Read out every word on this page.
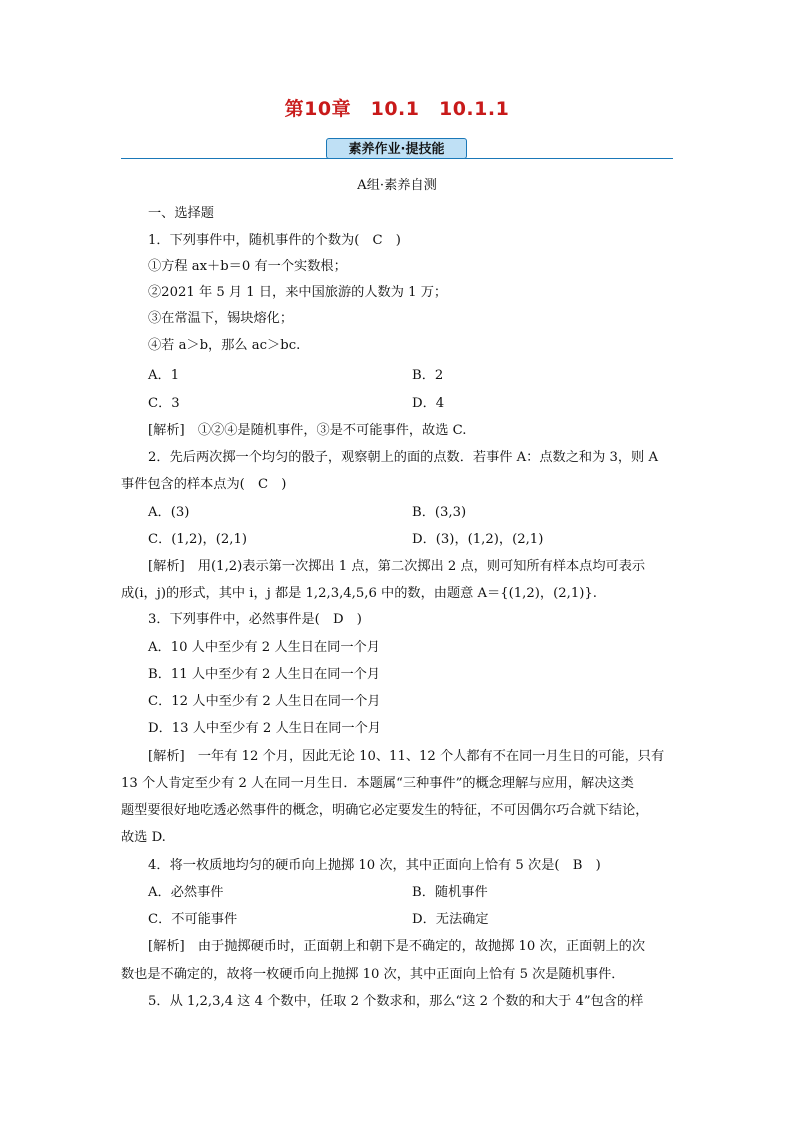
第10章　10.1　10.1.1
素养作业·提技能
A组·素养自测
一、选择题
1．下列事件中，随机事件的个数为(　C　)
①方程 ax＋b＝0 有一个实数根；
②2021 年 5 月 1 日，来中国旅游的人数为 1 万；
③在常温下，锡块熔化；
④若 a＞b，那么 ac＞bc.
A．1	B．2
C．3	D．4
[解析]　①②④是随机事件，③是不可能事件，故选 C.
2．先后两次掷一个均匀的骰子，观察朝上的面的点数．若事件 A：点数之和为 3，则 A
事件包含的样本点为(　C　)
A．(3)	B．(3,3)
C．(1,2)，(2,1)	D．(3)，(1,2)，(2,1)
[解析]　用(1,2)表示第一次掷出 1 点，第二次掷出 2 点，则可知所有样本点均可表示
成(i，j)的形式，其中 i，j 都是 1,2,3,4,5,6 中的数，由题意 A＝{(1,2)，(2,1)}.
3．下列事件中，必然事件是(　D　)
A．10 人中至少有 2 人生日在同一个月
B．11 人中至少有 2 人生日在同一个月
C．12 人中至少有 2 人生日在同一个月
D．13 人中至少有 2 人生日在同一个月
[解析]　一年有 12 个月，因此无论 10、11、12 个人都有不在同一月生日的可能，只有
13 个人肯定至少有 2 人在同一月生日．本题属“三种事件”的概念理解与应用，解决这类
题型要很好地吃透必然事件的概念，明确它必定要发生的特征，不可因偶尔巧合就下结论，
故选 D.
4．将一枚质地均匀的硬币向上抛掷 10 次，其中正面向上恰有 5 次是(　B　)
A．必然事件	B．随机事件
C．不可能事件	D．无法确定
[解析]　由于抛掷硬币时，正面朝上和朝下是不确定的，故抛掷 10 次，正面朝上的次
数也是不确定的，故将一枚硬币向上抛掷 10 次，其中正面向上恰有 5 次是随机事件．
5．从 1,2,3,4 这 4 个数中，任取 2 个数求和，那么“这 2 个数的和大于 4”包含的样
